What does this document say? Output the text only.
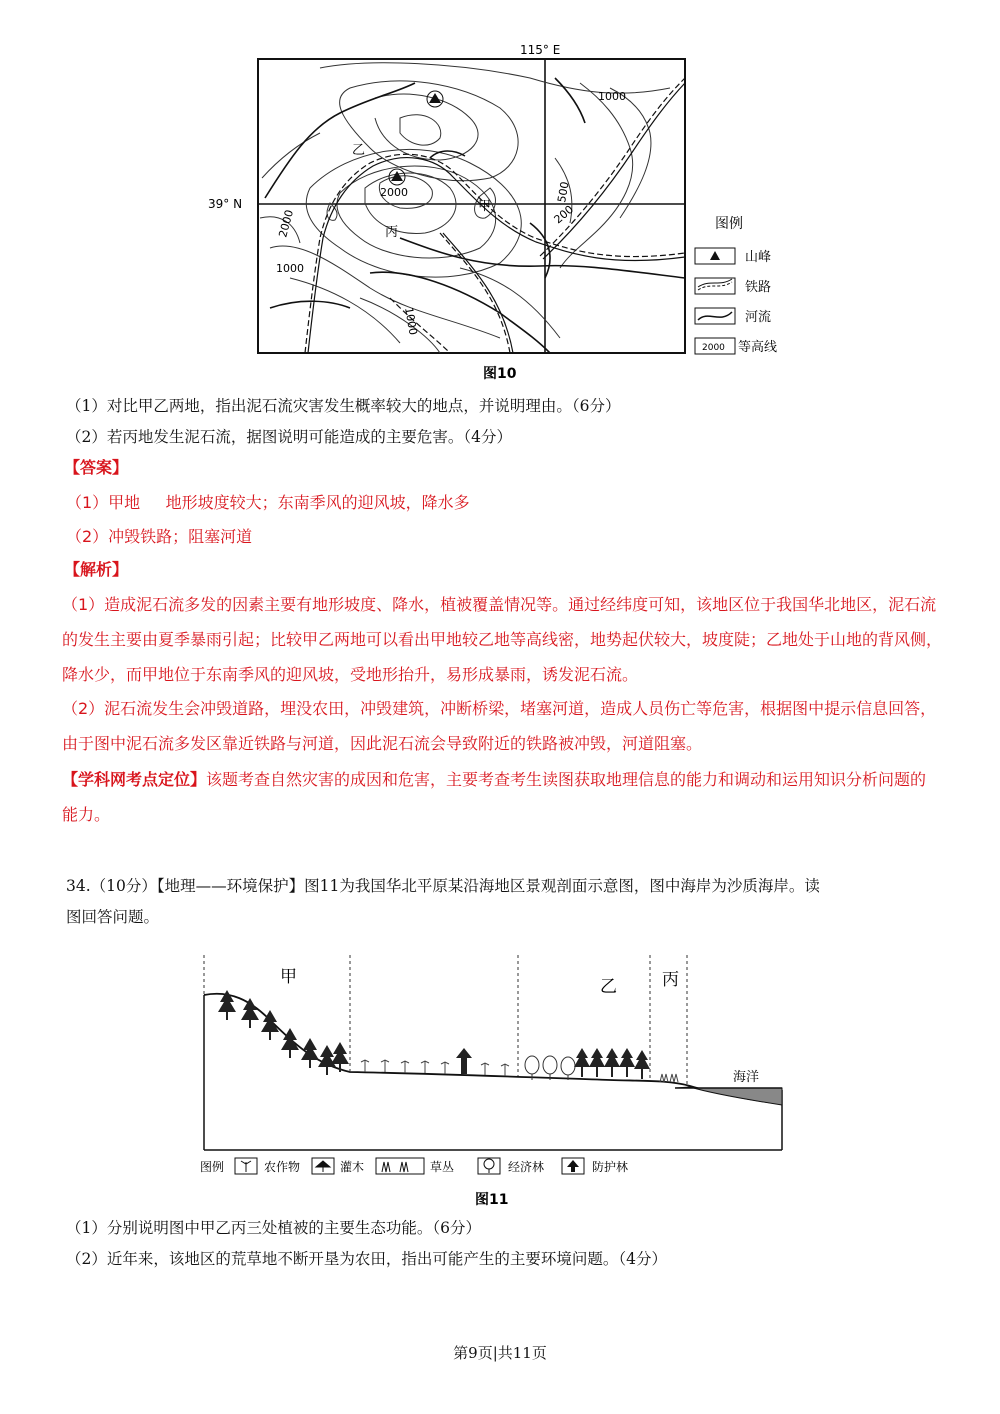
115° E
39° N
1000
2000	500
200
2000
1000
1000
乙
甲
丙
图10
图例
山峰
铁路
河流
2000 等高线
（1）对比甲乙两地，指出泥石流灾害发生概率较大的地点，并说明理由。（6分）
（2）若丙地发生泥石流，据图说明可能造成的主要危害。（4分）
【答案】
（1）甲地     地形坡度较大；东南季风的迎风坡，降水多
（2）冲毁铁路；阻塞河道
【解析】
（1）造成泥石流多发的因素主要有地形坡度、降水，植被覆盖情况等。通过经纬度可知，该地区位于我国华北地区，泥石流的发生主要由夏季暴雨引起；比较甲乙两地可以看出甲地较乙地等高线密，地势起伏较大，坡度陡；乙地处于山地的背风侧，降水少，而甲地位于东南季风的迎风坡，受地形抬升，易形成暴雨，诱发泥石流。
（2）泥石流发生会冲毁道路，埋没农田，冲毁建筑，冲断桥梁，堵塞河道，造成人员伤亡等危害，根据图中提示信息回答，由于图中泥石流多发区靠近铁路与河道，因此泥石流会导致附近的铁路被冲毁，河道阻塞。
【学科网考点定位】该题考查自然灾害的成因和危害，主要考查考生读图获取地理信息的能力和调动和运用知识分析问题的能力。
34.（10分）【地理——环境保护】图11为我国华北平原某沿海地区景观剖面示意图，图中海岸为沙质海岸。读
图回答问题。
甲	乙	丙
海洋
图例	农作物	灌木	草丛	经济林	防护林
图11
（1）分别说明图中甲乙丙三处植被的主要生态功能。（6分）
（2）近年来，该地区的荒草地不断开垦为农田，指出可能产生的主要环境问题。（4分）
第9页|共11页
